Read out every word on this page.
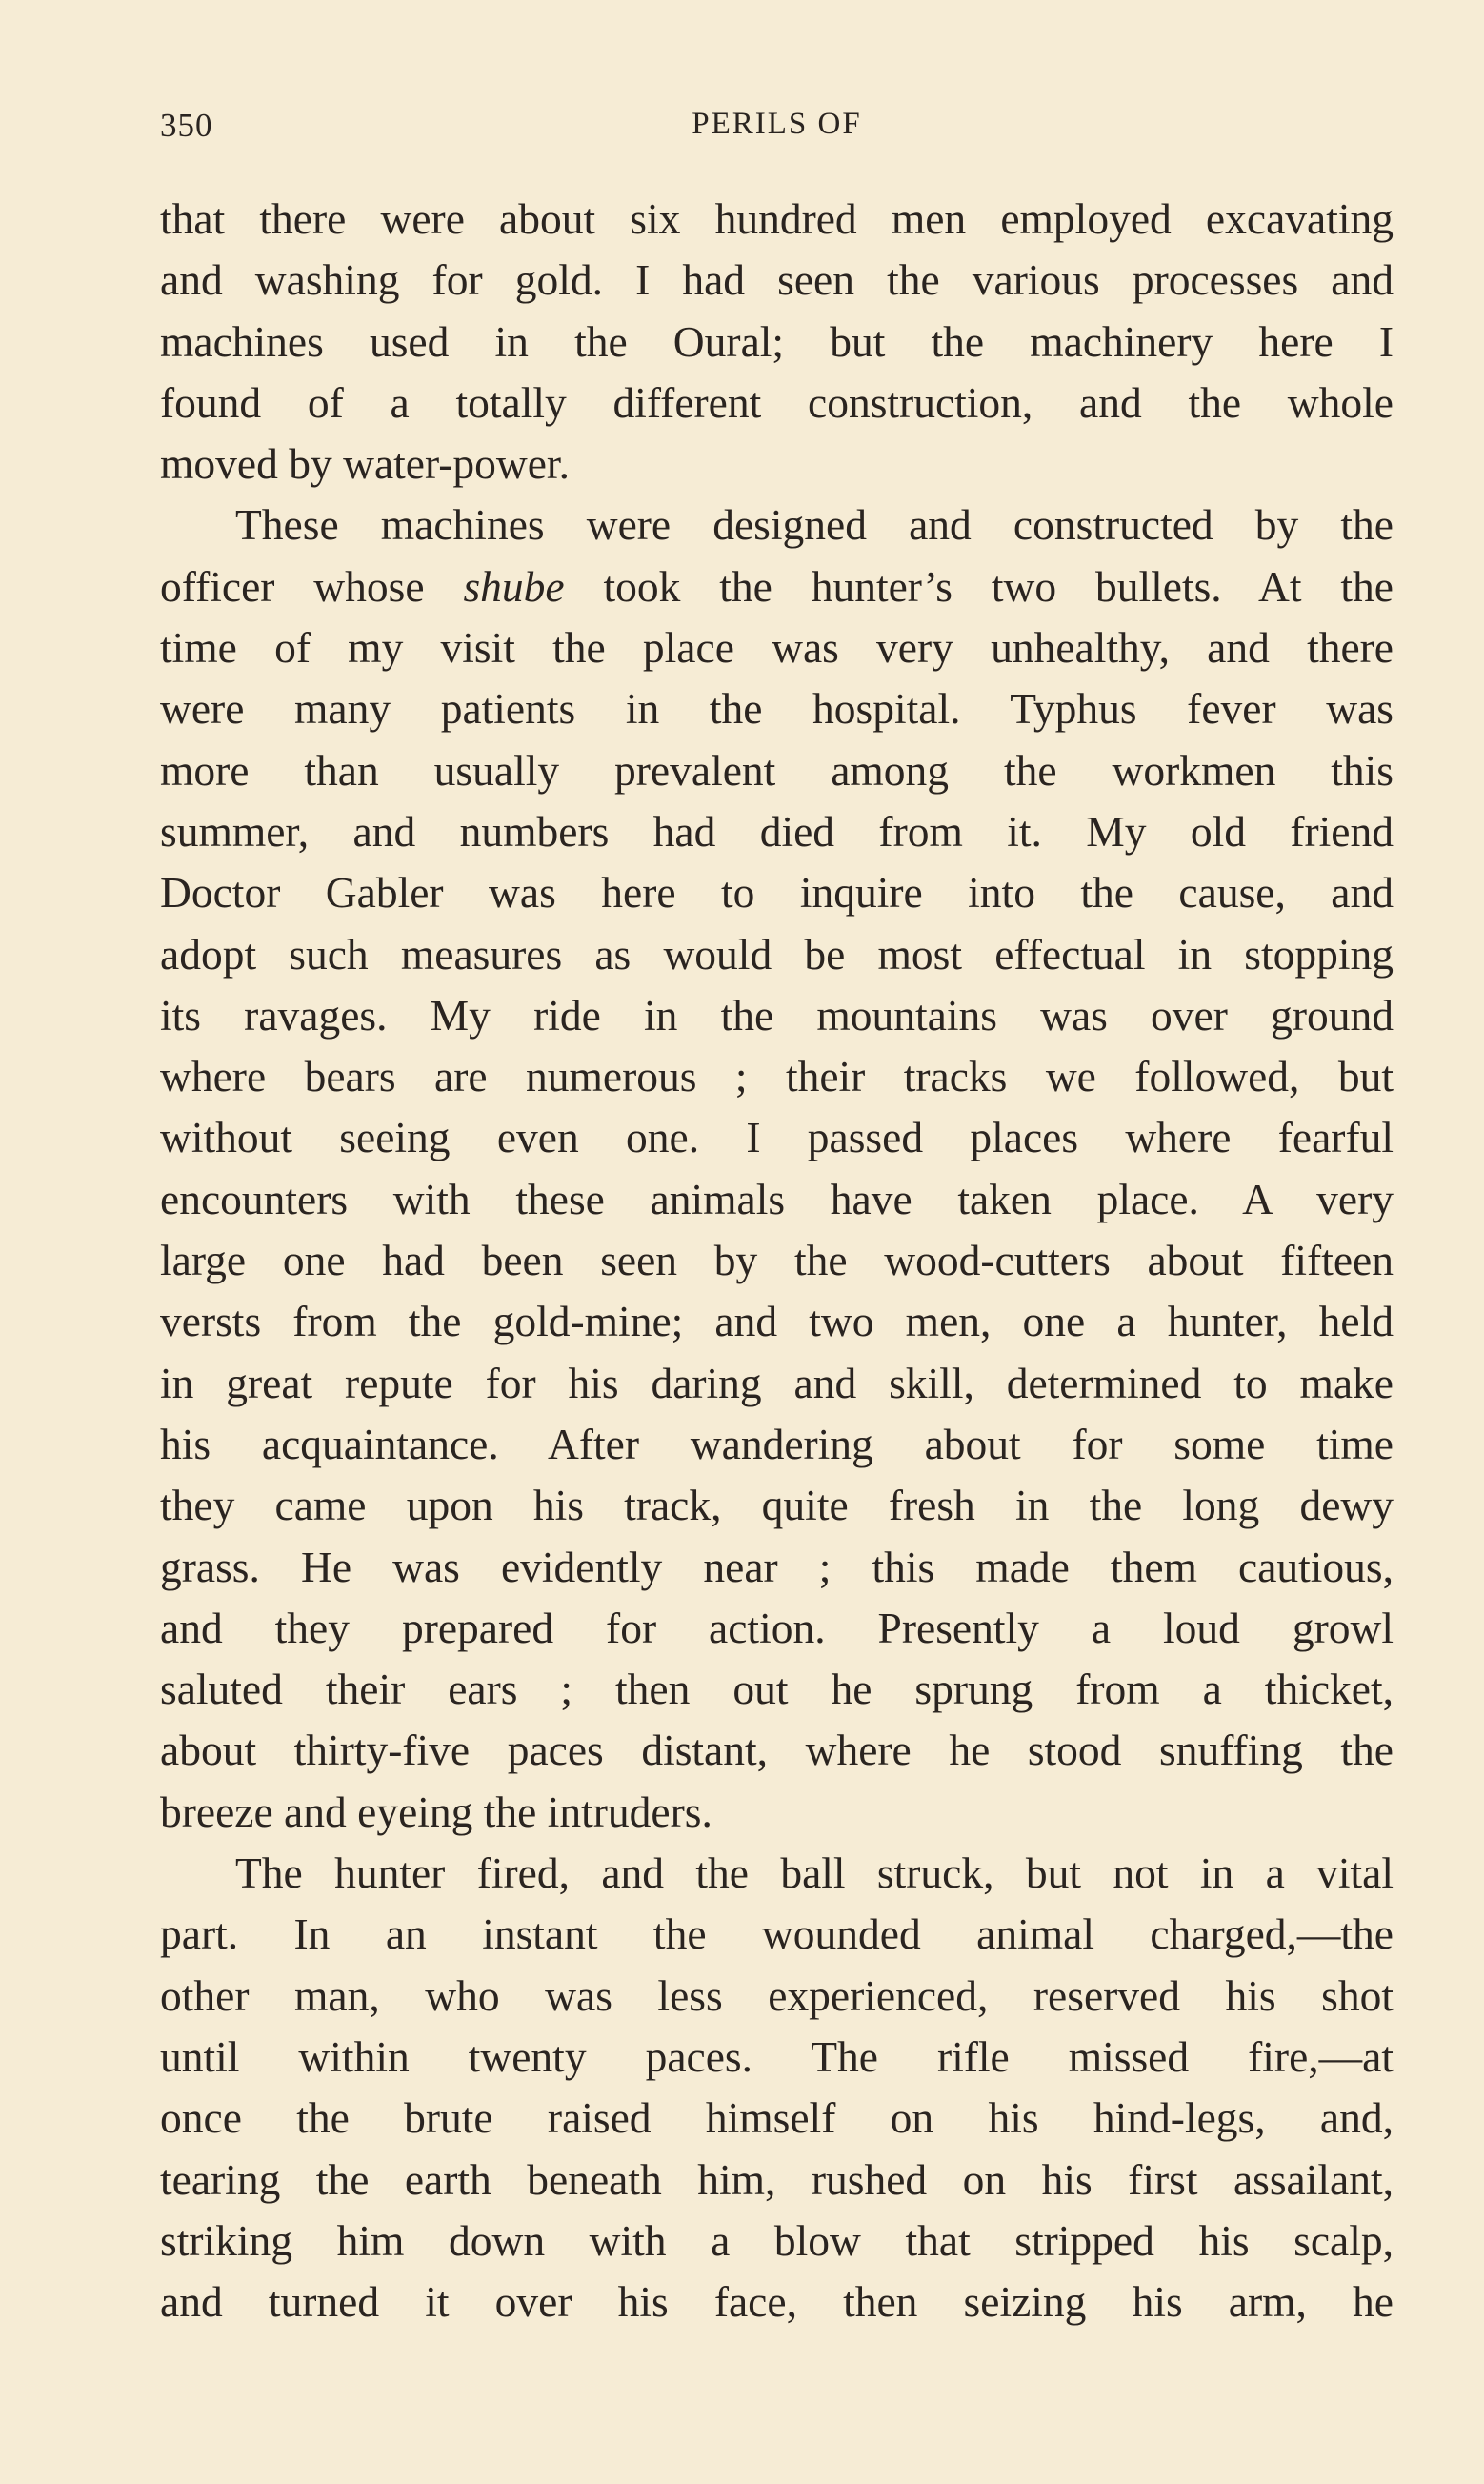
350	PERILS OF
that there were about six hundred men employed excavating
and washing for gold. I had seen the various processes and
machines used in the Oural; but the machinery here I
found of a totally different construction, and the whole
moved by water-power.
These machines were designed and constructed by the
officer whose shube took the hunter’s two bullets. At the
time of my visit the place was very unhealthy, and there
were many patients in the hospital. Typhus fever was
more than usually prevalent among the workmen this
summer, and numbers had died from it. My old friend
Doctor Gabler was here to inquire into the cause, and
adopt such measures as would be most effectual in stopping
its ravages. My ride in the mountains was over ground
where bears are numerous ; their tracks we followed, but
without seeing even one. I passed places where fearful
encounters with these animals have taken place. A very
large one had been seen by the wood-cutters about fifteen
versts from the gold-mine; and two men, one a hunter, held
in great repute for his daring and skill, determined to make
his acquaintance. After wandering about for some time
they came upon his track, quite fresh in the long dewy
grass. He was evidently near ; this made them cautious,
and they prepared for action. Presently a loud growl
saluted their ears ; then out he sprung from a thicket,
about thirty-five paces distant, where he stood snuffing the
breeze and eyeing the intruders.
The hunter fired, and the ball struck, but not in a vital
part. In an instant the wounded animal charged,—the
other man, who was less experienced, reserved his shot
until within twenty paces. The rifle missed fire,—at
once the brute raised himself on his hind-legs, and,
tearing the earth beneath him, rushed on his first assailant,
striking him down with a blow that stripped his scalp,
and turned it over his face, then seizing his arm, he
